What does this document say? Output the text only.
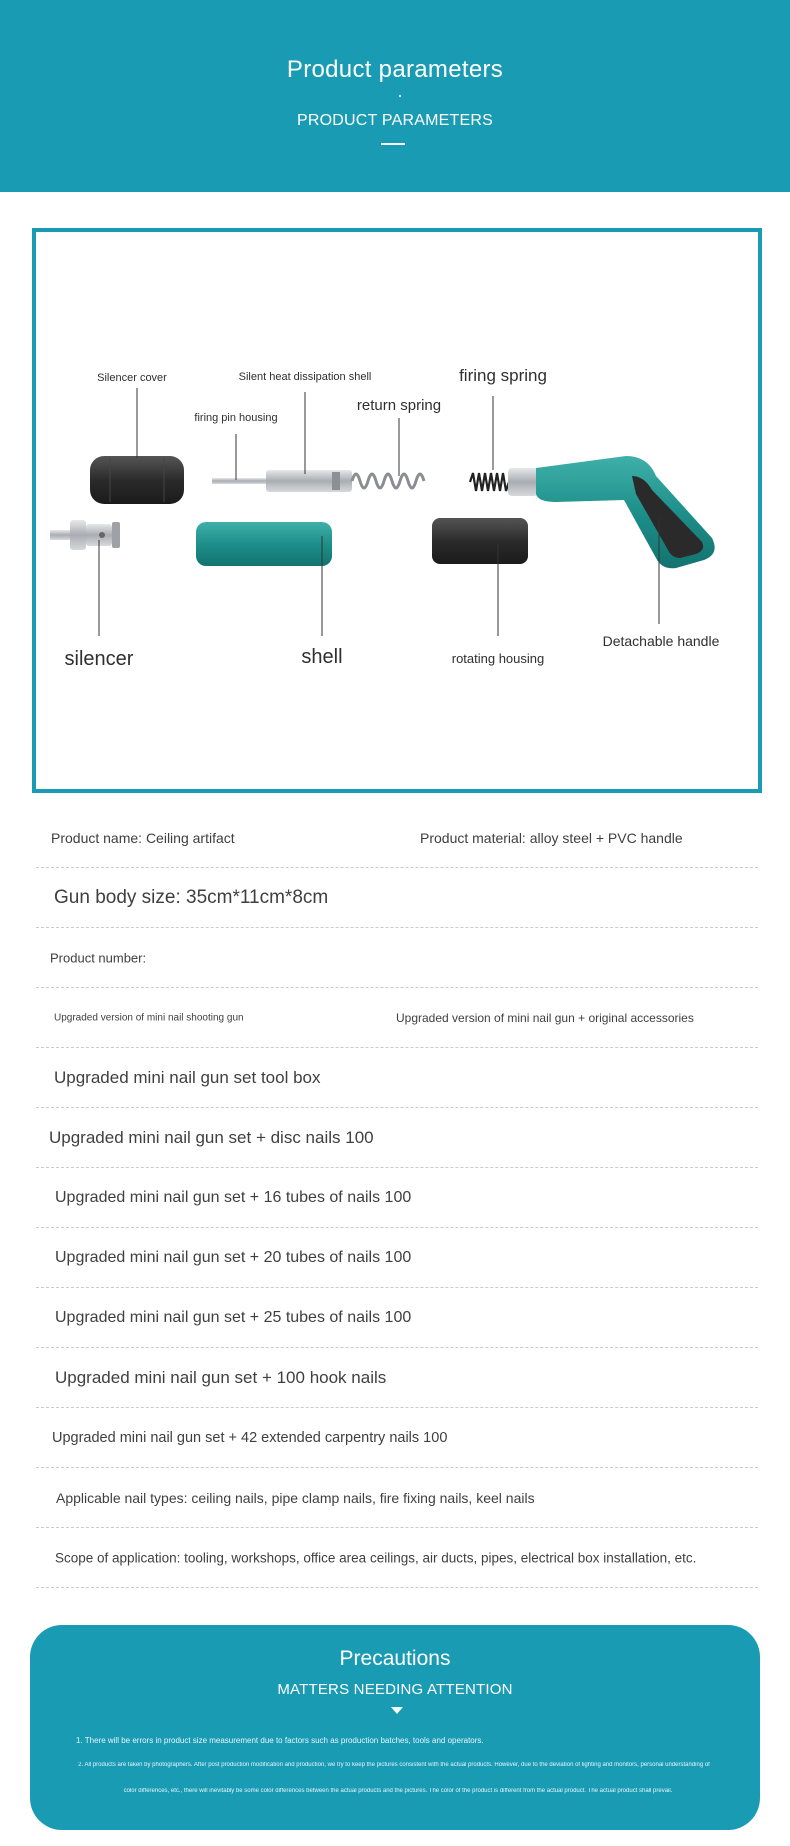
Product parameters
PRODUCT PARAMETERS
Silencer cover	Silent heat dissipation shell	firing spring
firing pin housing
return spring
silencer	shell	rotating housing
Detachable handle
Product name: Ceiling artifact	Product material: alloy steel + PVC handle
Gun body size: 35cm*11cm*8cm
Product number:
Upgraded version of mini nail shooting gun	Upgraded version of mini nail gun + original accessories
Upgraded mini nail gun set tool box
Upgraded mini nail gun set + disc nails 100
Upgraded mini nail gun set + 16 tubes of nails 100
Upgraded mini nail gun set + 20 tubes of nails 100
Upgraded mini nail gun set + 25 tubes of nails 100
Upgraded mini nail gun set + 100 hook nails
Upgraded mini nail gun set + 42 extended carpentry nails 100
Applicable nail types: ceiling nails, pipe clamp nails, fire fixing nails, keel nails
Scope of application: tooling, workshops, office area ceilings, air ducts, pipes, electrical box installation, etc.
Precautions
MATTERS NEEDING ATTENTION
1. There will be errors in product size measurement due to factors such as production batches, tools and operators.
2. All products are taken by photographers. After post production modification and production, we try to keep the pictures consistent with the actual products. However, due to the deviation of lighting and monitors, personal understanding of
color differences, etc., there will inevitably be some color differences between the actual products and the pictures. The color of the product is different from the actual product. The actual product shall prevail.
